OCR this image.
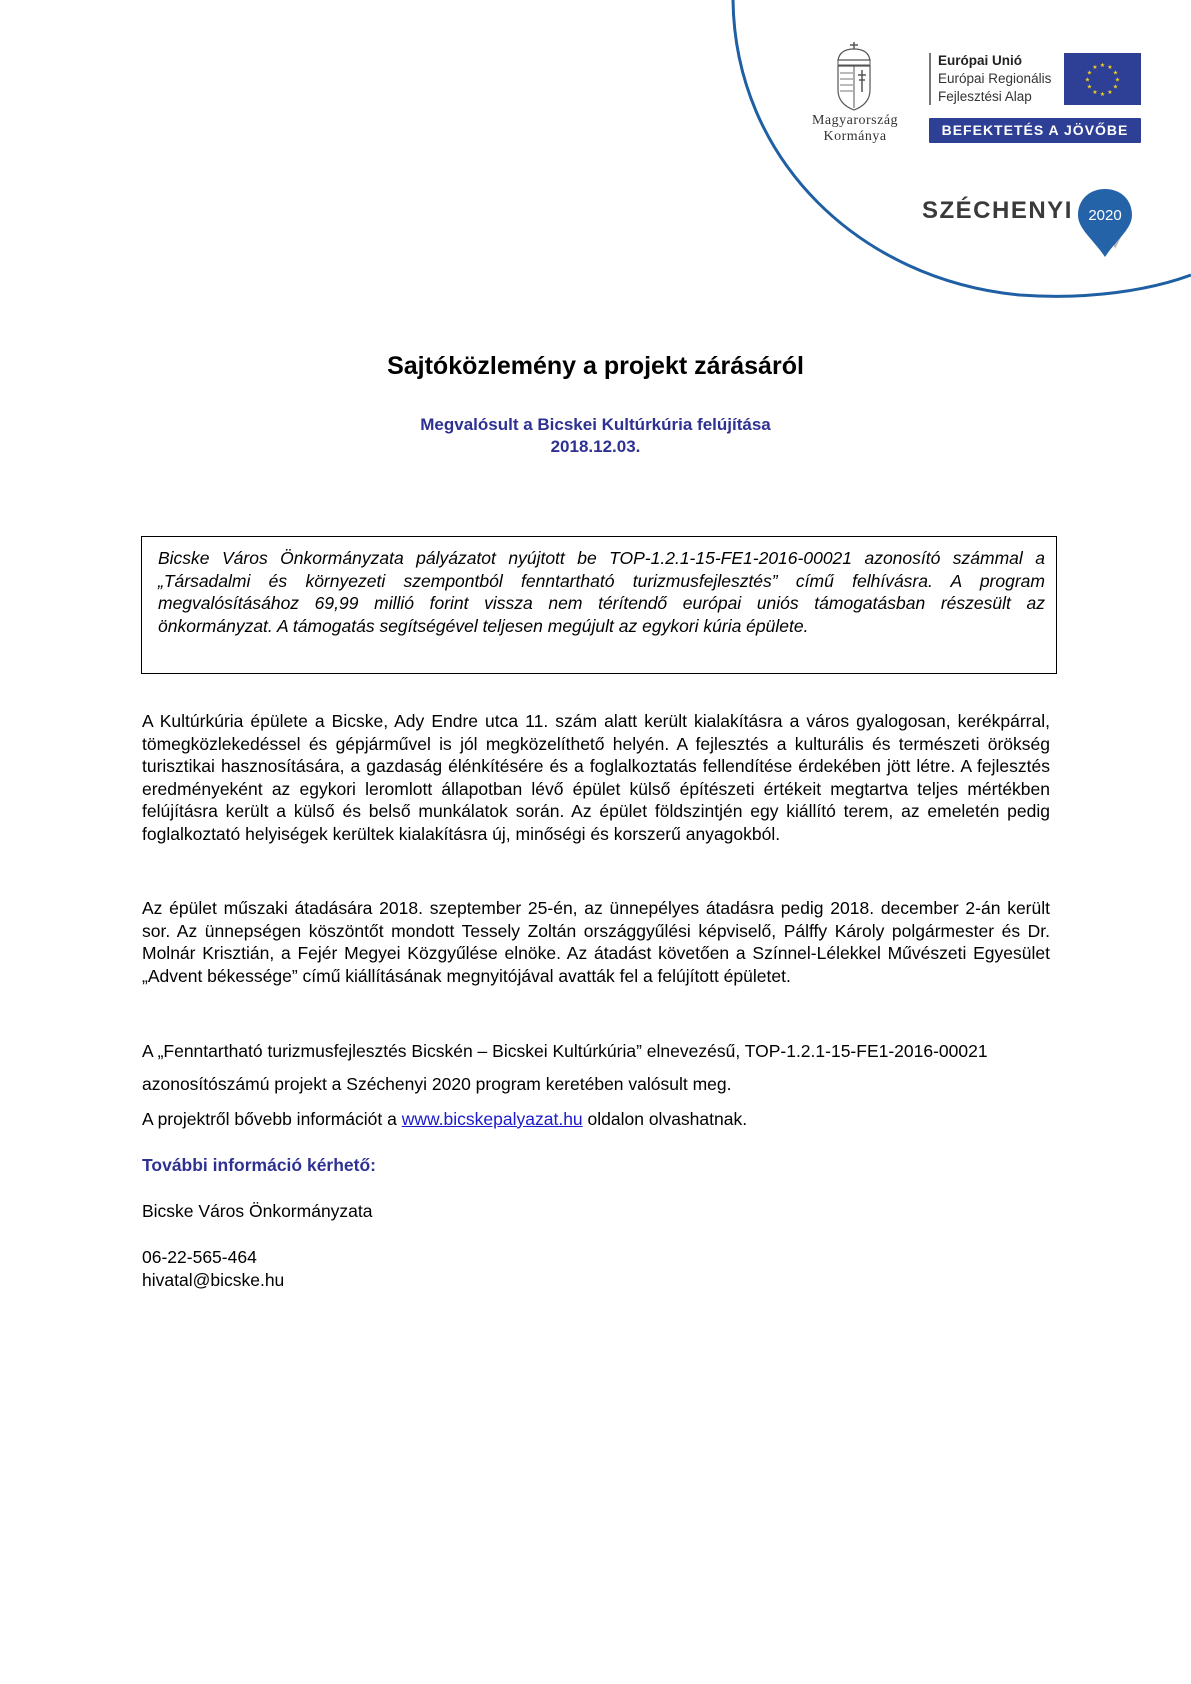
Magyarország
Kormánya
Európai Unió
Európai Regionális
Fejlesztési Alap
★ ★
★
★
★
★
★
★
★
★
★
★
BEFEKTETÉS A JÖVŐBE
SZÉCHENYI 2020
Sajtóközlemény a projekt zárásáról
Megvalósult a Bicskei Kultúrkúria felújítása
2018.12.03.

Bicske Város Önkormányzata pályázatot nyújtott be TOP-1.2.1-15-FE1-2016-00021 azonosító számmal a „Társadalmi és környezeti szempontból fenntartható turizmusfejlesztés” című felhívásra. A program megvalósításához 69,99 millió forint vissza nem térítendő európai uniós támogatásban részesült az önkormányzat. A támogatás segítségével teljesen megújult az egykori kúria épülete.

A Kultúrkúria épülete a Bicske, Ady Endre utca 11. szám alatt került kialakításra a város gyalogosan, kerékpárral, tömegközlekedéssel és gépjárművel is jól megközelíthető helyén. A fejlesztés a kulturális és természeti örökség turisztikai hasznosítására, a gazdaság élénkítésére és a foglalkoztatás fellendítése érdekében jött létre. A fejlesztés eredményeként az egykori leromlott állapotban lévő épület külső építészeti értékeit megtartva teljes mértékben felújításra került a külső és belső munkálatok során. Az épület földszintjén egy kiállító terem, az emeletén pedig foglalkoztató helyiségek kerültek kialakításra új, minőségi és korszerű anyagokból.

Az épület műszaki átadására 2018. szeptember 25-én, az ünnepélyes átadásra pedig 2018. december 2-án került sor. Az ünnepségen köszöntőt mondott Tessely Zoltán országgyűlési képviselő, Pálffy Károly polgármester és Dr. Molnár Krisztián, a Fejér Megyei Közgyűlése elnöke. Az átadást követően a Színnel-Lélekkel Művészeti Egyesület „Advent békessége” című kiállításának megnyitójával avatták fel a felújított épületet.

A „Fenntartható turizmusfejlesztés Bicskén – Bicskei Kultúrkúria” elnevezésű, TOP-1.2.1-15-FE1-2016-00021 azonosítószámú projekt a Széchenyi 2020 program keretében valósult meg.

A projektről bővebb információt a www.bicskepalyazat.hu oldalon olvashatnak.

További információ kérhető:
Bicske Város Önkormányzata
06-22-565-464
hivatal@bicske.hu
